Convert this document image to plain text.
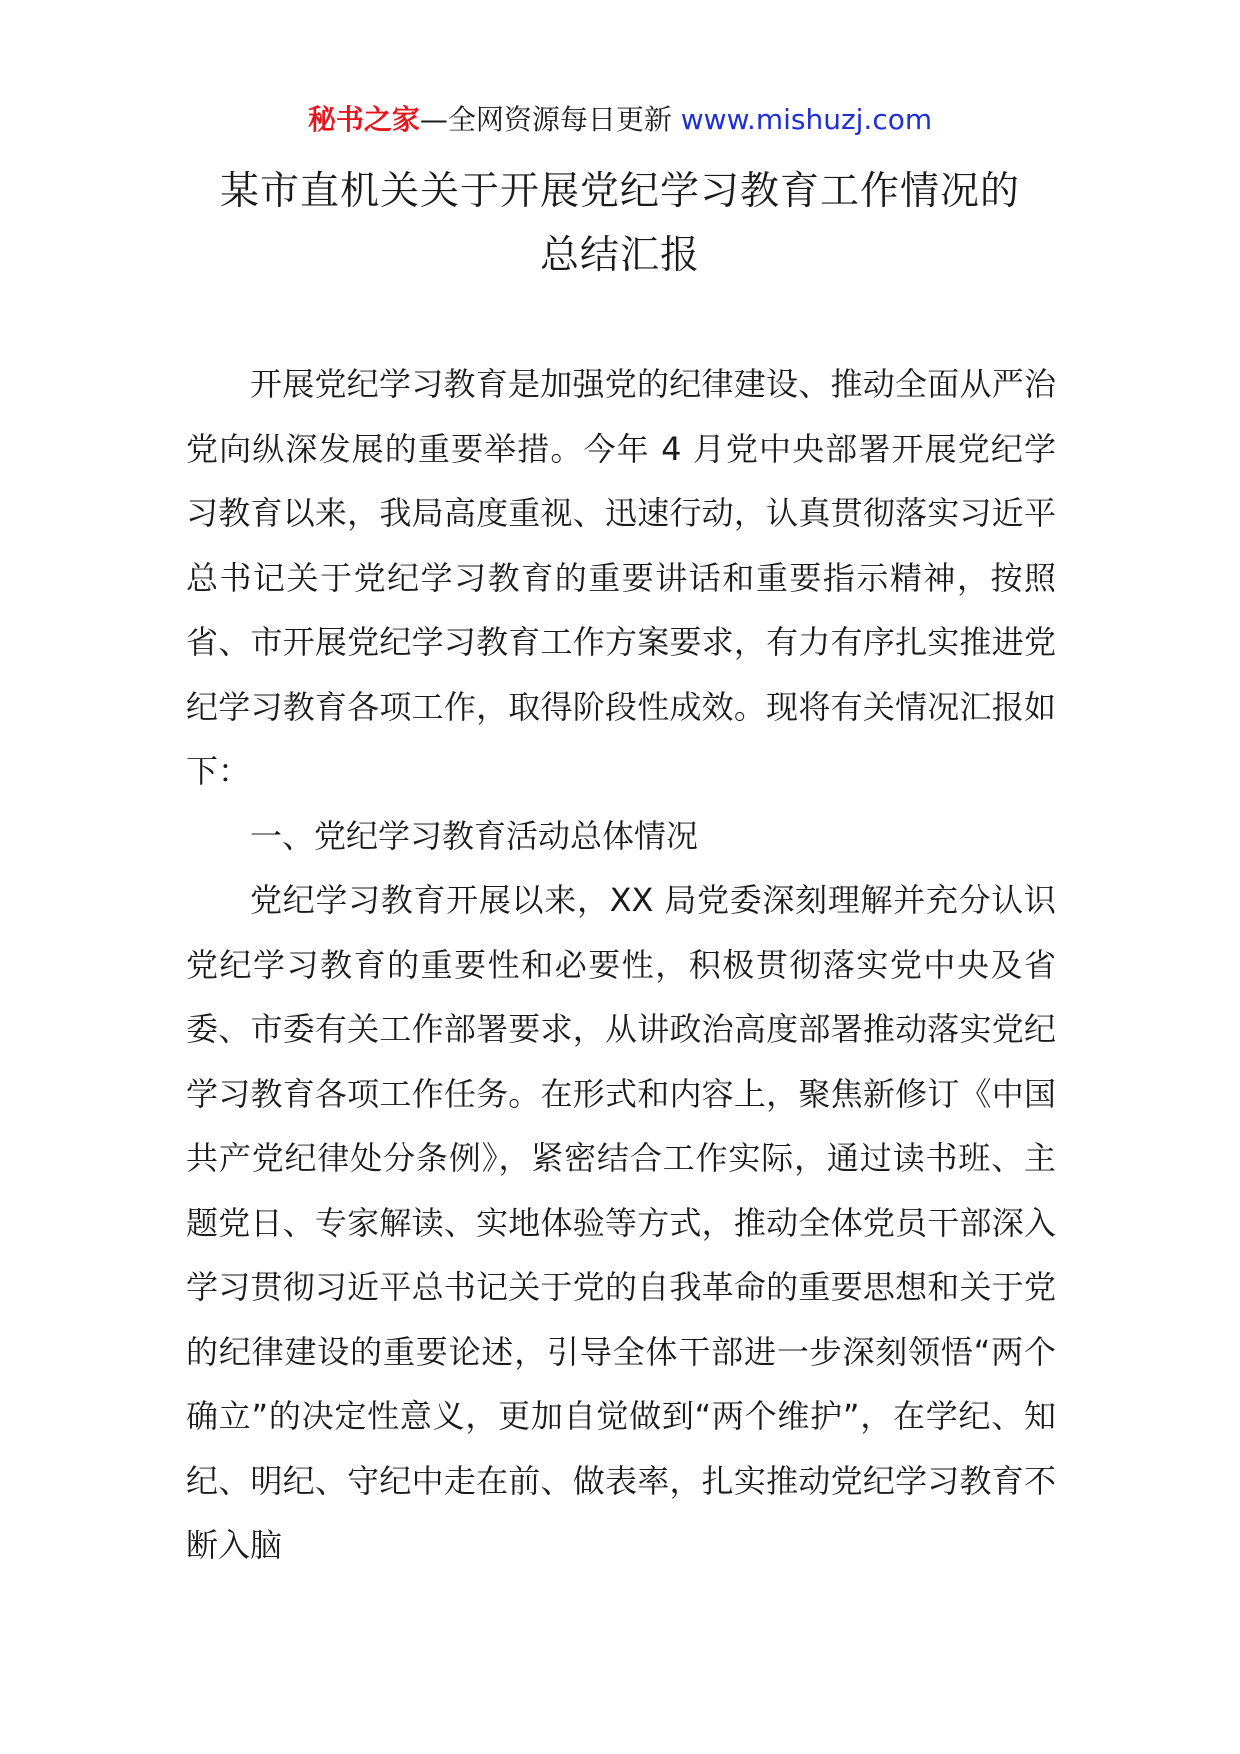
秘书之家—全网资源每日更新 www.mishuzj.com
某市直机关关于开展党纪学习教育工作情况的
总结汇报

开展党纪学习教育是加强党的纪律建设、推动全面从严治党向纵深发展的重要举措。今年 4 月党中央部署开展党纪学习教育以来，我局高度重视、迅速行动，认真贯彻落实习近平总书记关于党纪学习教育的重要讲话和重要指示精神，按照省、市开展党纪学习教育工作方案要求，有力有序扎实推进党纪学习教育各项工作，取得阶段性成效。现将有关情况汇报如下：

一、党纪学习教育活动总体情况

党纪学习教育开展以来，XX 局党委深刻理解并充分认识党纪学习教育的重要性和必要性，积极贯彻落实党中央及省委、市委有关工作部署要求，从讲政治高度部署推动落实党纪学习教育各项工作任务。在形式和内容上，聚焦新修订《中国共产党纪律处分条例》，紧密结合工作实际，通过读书班、主题党日、专家解读、实地体验等方式，推动全体党员干部深入学习贯彻习近平总书记关于党的自我革命的重要思想和关于党的纪律建设的重要论述，引导全体干部进一步深刻领悟“两个确立”的决定性意义，更加自觉做到“两个维护”，在学纪、知纪、明纪、守纪中走在前、做表率，扎实推动党纪学习教育不断入脑
